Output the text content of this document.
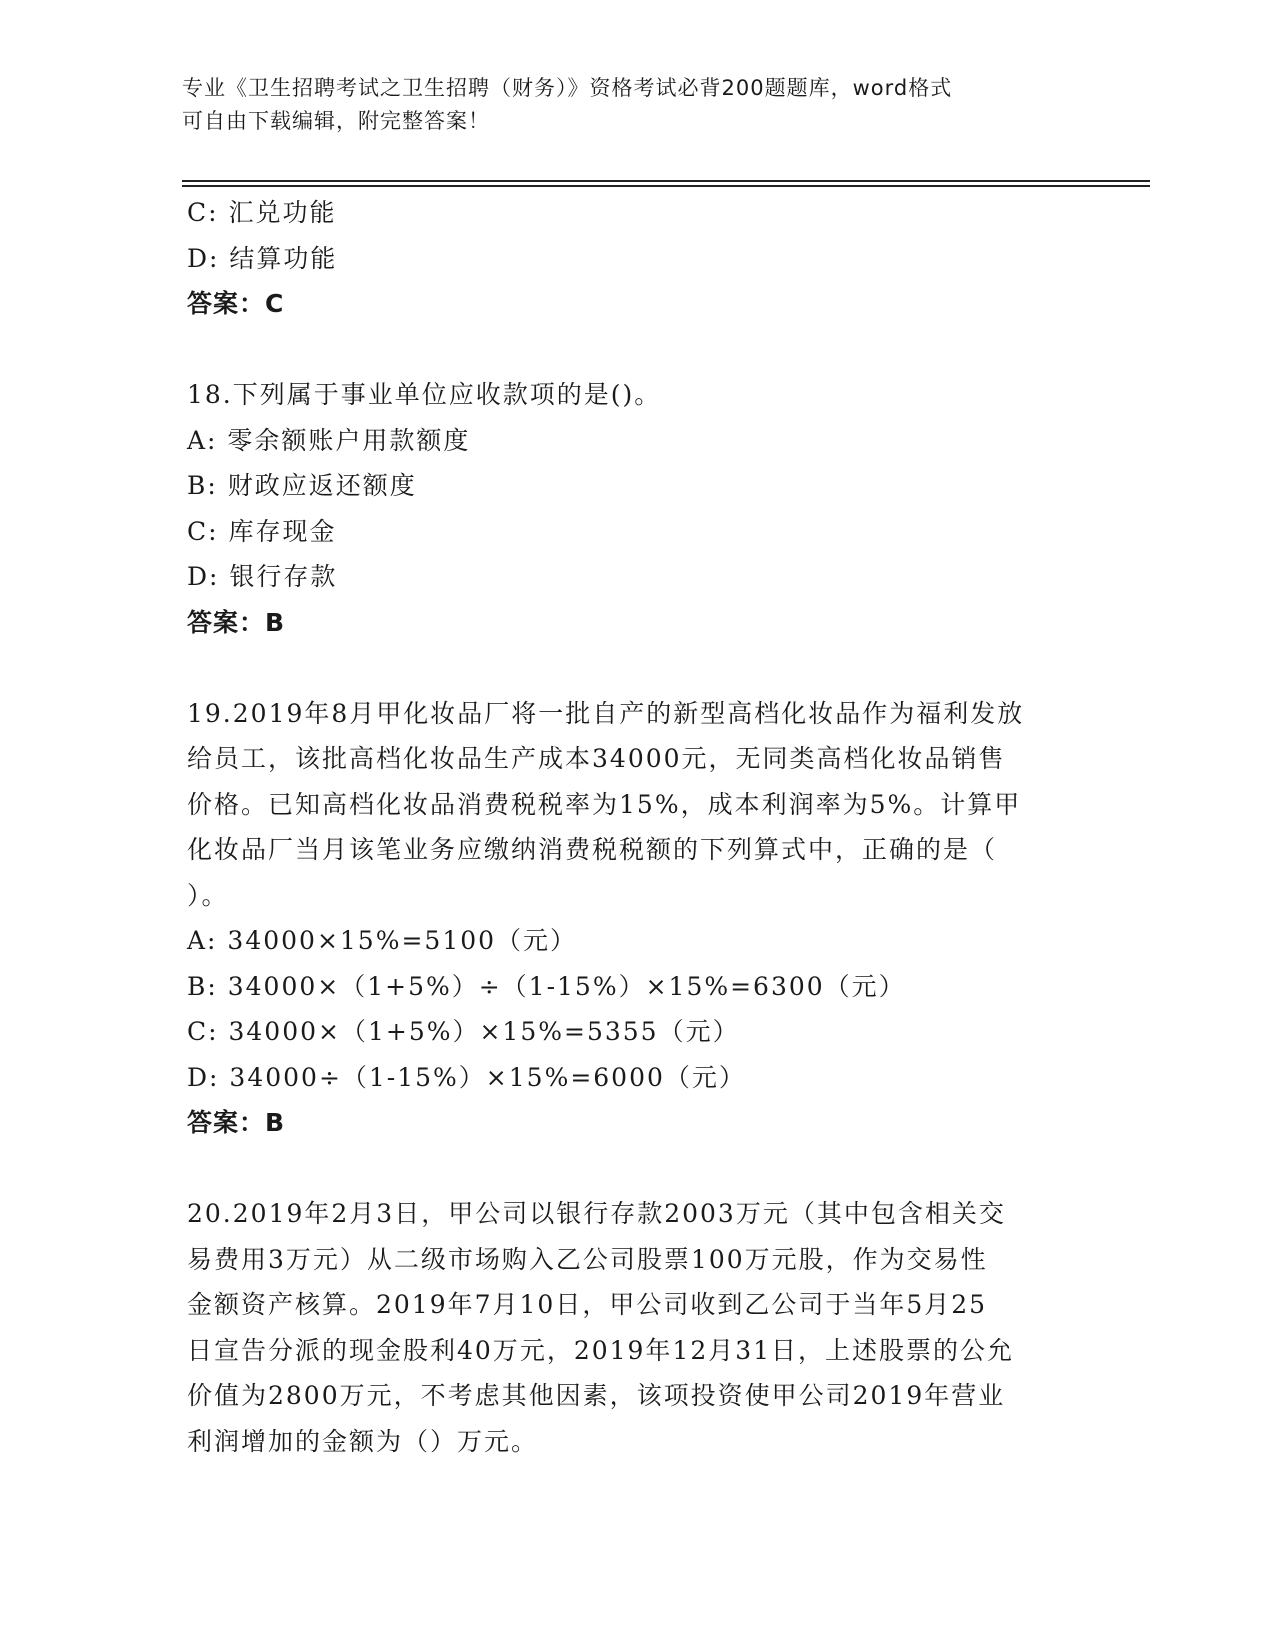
专业《卫生招聘考试之卫生招聘（财务）》资格考试必背200题题库，word格式
可自由下载编辑，附完整答案！
C: 汇兑功能
D: 结算功能
答案：C
18.下列属于事业单位应收款项的是()。
A: 零余额账户用款额度
B: 财政应返还额度
C: 库存现金
D: 银行存款
答案：B
19.2019年8月甲化妆品厂将一批自产的新型高档化妆品作为福利发放
给员工，该批高档化妆品生产成本34000元，无同类高档化妆品销售
价格。已知高档化妆品消费税税率为15%，成本利润率为5%。计算甲
化妆品厂当月该笔业务应缴纳消费税税额的下列算式中，正确的是（
）。
A: 34000×15%=5100（元）
B: 34000×（1+5%）÷（1-15%）×15%=6300（元）
C: 34000×（1+5%）×15%=5355（元）
D: 34000÷（1-15%）×15%=6000（元）
答案：B
20.2019年2月3日，甲公司以银行存款2003万元（其中包含相关交
易费用3万元）从二级市场购入乙公司股票100万元股，作为交易性
金额资产核算。2019年7月10日，甲公司收到乙公司于当年5月25
日宣告分派的现金股利40万元，2019年12月31日，上述股票的公允
价值为2800万元，不考虑其他因素，该项投资使甲公司2019年营业
利润增加的金额为（）万元。
